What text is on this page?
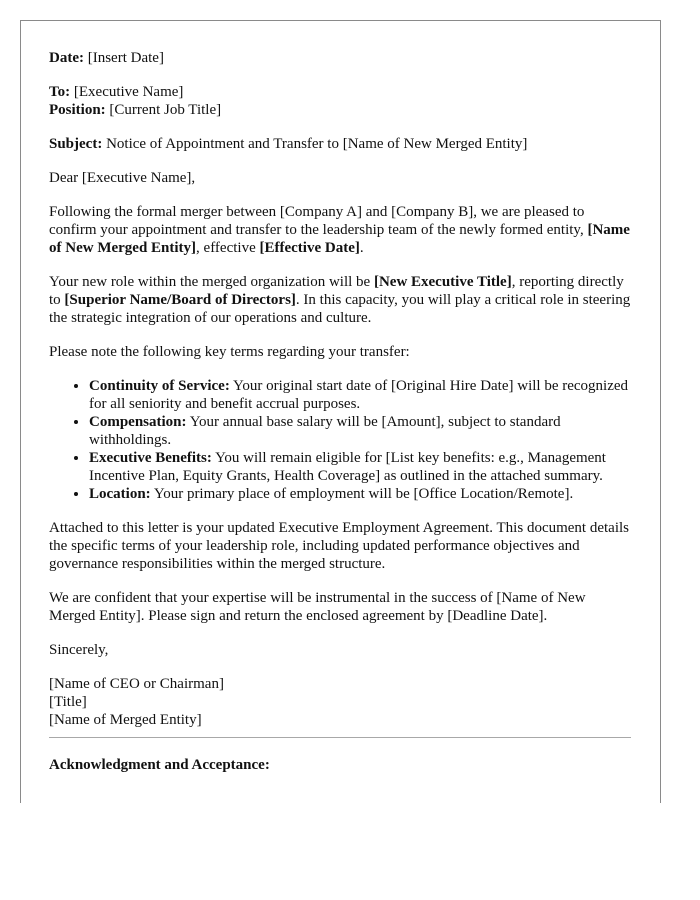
Date: [Insert Date]

To: [Executive Name]

Position: [Current Job Title]

Subject: Notice of Appointment and Transfer to [Name of New Merged Entity]

Dear [Executive Name],

Following the formal merger between [Company A] and [Company B], we are pleased to confirm your appointment and transfer to the leadership team of the newly formed entity, [Name of New Merged Entity], effective [Effective Date].

Your new role within the merged organization will be [New Executive Title], reporting directly to [Superior Name/Board of Directors]. In this capacity, you will play a critical role in steering the strategic integration of our operations and culture.

Please note the following key terms regarding your transfer:

• Continuity of Service: Your original start date of [Original Hire Date] will be recognized for all seniority and benefit accrual purposes.
• Compensation: Your annual base salary will be [Amount], subject to standard withholdings.
• Executive Benefits: You will remain eligible for [List key benefits: e.g., Management Incentive Plan, Equity Grants, Health Coverage] as outlined in the attached summary.
• Location: Your primary place of employment will be [Office Location/Remote].

Attached to this letter is your updated Executive Employment Agreement. This document details the specific terms of your leadership role, including updated performance objectives and governance responsibilities within the merged structure.

We are confident that your expertise will be instrumental in the success of [Name of New Merged Entity]. Please sign and return the enclosed agreement by [Deadline Date].

Sincerely,

[Name of CEO or Chairman]

[Title]

[Name of Merged Entity]

Acknowledgment and Acceptance:
